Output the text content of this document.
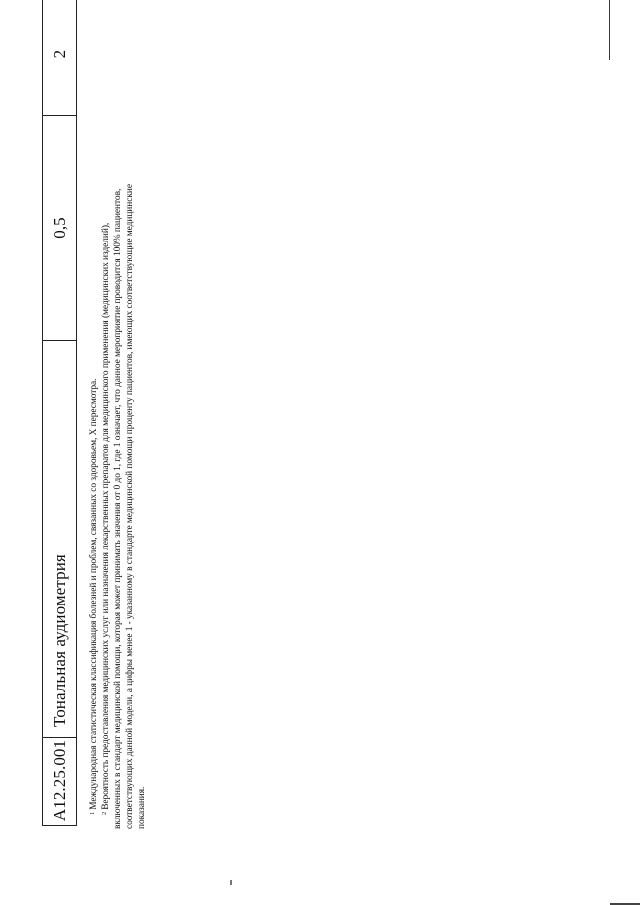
A12.25.001
Тональная аудиометрия
0,5
2
$^1$Международная статистическая классификация болезней и проблем, связанных со здоровьем, X пересмотра.
$^2$Вероятность предоставления медицинских услуг или назначения лекарственных препаратов для медицинского применения (медицинских изделий), включенных в стандарт медицинской помощи, которая может принимать значения от 0 до 1, где 1 означает, что данное мероприятие проводится 100% пациентов, соответствующих данной модели, а цифры менее 1 - указанному в стандарте медицинской помощи проценту пациентов, имеющих соответствующие медицинские показания.
